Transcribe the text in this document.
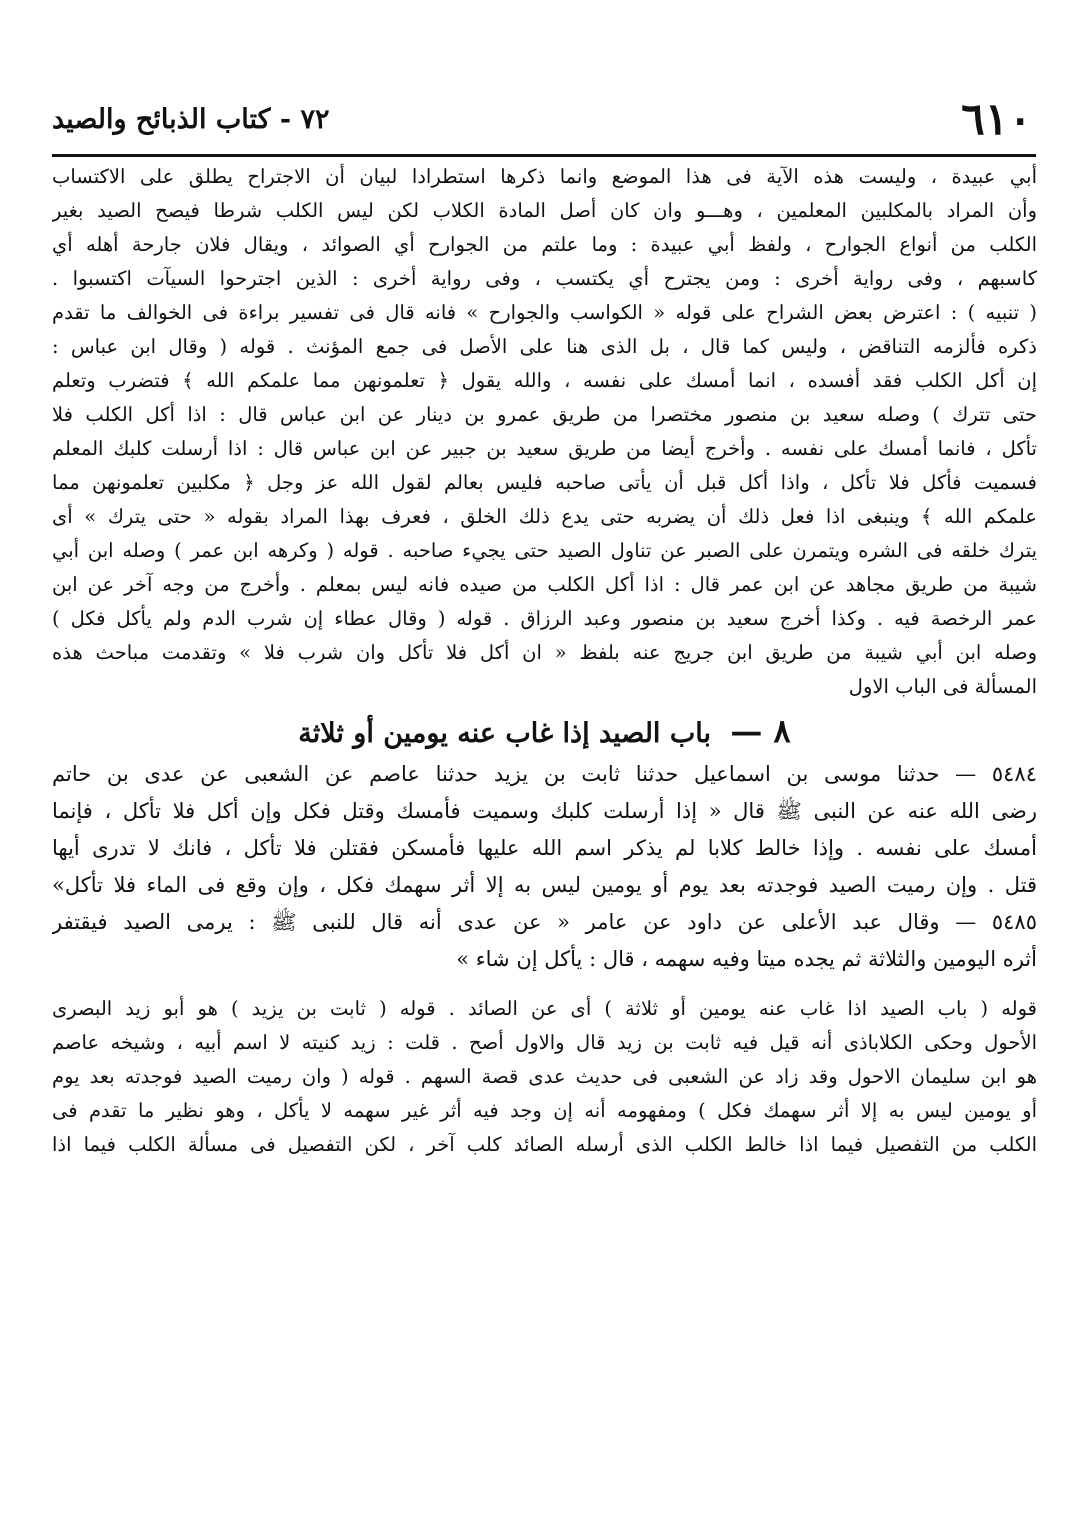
٦١٠
٧٢ - كتاب الذبائح والصيد
أبي عبيدة ، وليست هذه الآية فى هذا الموضع وانما ذكرها استطرادا لبيان أن الاجتراح يطلق على الاكتساب
وأن المراد بالمكلبين المعلمين ، وهـــو وان كان أصل المادة الكلاب لكن ليس الكلب شرطا فيصح الصيد بغير
الكلب من أنواع الجوارح ، ولفظ أبي عبيدة : وما علتم من الجوارح أي الصوائد ، ويقال فلان جارحة أهله أي
كاسبهم ، وفى رواية أخرى : ومن يجترح أي يكتسب ، وفى رواية أخرى : الذين اجترحوا السيآت اكتسبوا .
( تنبيه ) : اعترض بعض الشراح على قوله « الكواسب والجوارح » فانه قال فى تفسير براءة فى الخوالف ما تقدم
ذكره فألزمه التناقض ، وليس كما قال ، بل الذى هنا على الأصل فى جمع المؤنث . قوله ( وقال ابن عباس :
إن أكل الكلب فقد أفسده ، انما أمسك على نفسه ، والله يقول ﴿ تعلمونهن مما علمكم الله ﴾ فتضرب وتعلم
حتى تترك ) وصله سعيد بن منصور مختصرا من طريق عمرو بن دينار عن ابن عباس قال : اذا أكل الكلب فلا
تأكل ، فانما أمسك على نفسه . وأخرج أيضا من طريق سعيد بن جبير عن ابن عباس قال : اذا أرسلت كلبك المعلم
فسميت فأكل فلا تأكل ، واذا أكل قبل أن يأتى صاحبه فليس بعالم لقول الله عز وجل ﴿ مكلبين تعلمونهن مما
علمكم الله ﴾ وينبغى اذا فعل ذلك أن يضربه حتى يدع ذلك الخلق ، فعرف بهذا المراد بقوله « حتى يترك » أى
يترك خلقه فى الشره ويتمرن على الصبر عن تناول الصيد حتى يجيء صاحبه . قوله ( وكرهه ابن عمر ) وصله ابن أبي
شيبة من طريق مجاهد عن ابن عمر قال : اذا أكل الكلب من صيده فانه ليس بمعلم . وأخرج من وجه آخر عن ابن
عمر الرخصة فيه . وكذا أخرج سعيد بن منصور وعبد الرزاق . قوله ( وقال عطاء إن شرب الدم ولم يأكل فكل )
وصله ابن أبي شيبة من طريق ابن جريج عنه بلفظ « ان أكل فلا تأكل وان شرب فلا » وتقدمت مباحث هذه
المسألة فى الباب الاول
٨ — باب الصيد إذا غاب عنه يومين أو ثلاثة
٥٤٨٤ — حدثنا موسى بن اسماعيل حدثنا ثابت بن يزيد حدثنا عاصم عن الشعبى عن عدى بن حاتم
رضى الله عنه عن النبى ﷺ قال « إذا أرسلت كلبك وسميت فأمسك وقتل فكل وإن أكل فلا تأكل ، فإنما
أمسك على نفسه . وإذا خالط كلابا لم يذكر اسم الله عليها فأمسكن فقتلن فلا تأكل ، فانك لا تدرى أيها
قتل . وإن رميت الصيد فوجدته بعد يوم أو يومين ليس به إلا أثر سهمك فكل ، وإن وقع فى الماء فلا تأكل»
٥٤٨٥ — وقال عبد الأعلى عن داود عن عامر « عن عدى أنه قال للنبى ﷺ : يرمى الصيد فيقتفر
أثره اليومين والثلاثة ثم يجده ميتا وفيه سهمه ، قال : يأكل إن شاء »
قوله ( باب الصيد اذا غاب عنه يومين أو ثلاثة ) أى عن الصائد . قوله ( ثابت بن يزيد ) هو أبو زيد البصرى
الأحول وحكى الكلاباذى أنه قيل فيه ثابت بن زيد قال والاول أصح . قلت : زيد كنيته لا اسم أبيه ، وشيخه عاصم
هو ابن سليمان الاحول وقد زاد عن الشعبى فى حديث عدى قصة السهم . قوله ( وان رميت الصيد فوجدته بعد يوم
أو يومين ليس به إلا أثر سهمك فكل ) ومفهومه أنه إن وجد فيه أثر غير سهمه لا يأكل ، وهو نظير ما تقدم فى
الكلب من التفصيل فيما اذا خالط الكلب الذى أرسله الصائد كلب آخر ، لكن التفصيل فى مسألة الكلب فيما اذا
